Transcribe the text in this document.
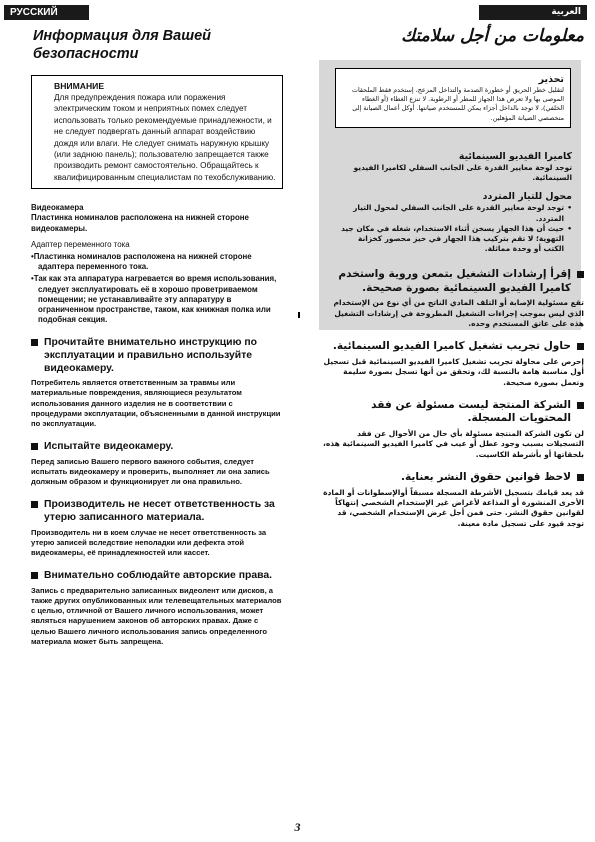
РУССКИЙ ЯЗЫК
العربية
Информация для Вашей безопасности
ВНИМАНИЕ

Для предупреждения пожара или поражения электрическим током и неприятных помех следует использовать только рекомендуемые принадлежности, и не следует подвергать данный аппарат воздействию дождя или влаги. Не следует снимать наружную крышку (или заднюю панель); пользователю запрещается также производить ремонт самостоятельно. Обращайтесь к квалифицированным специалистам по техобслуживанию.

Видеокамера
Пластинка номиналов расположена на нижней стороне видеокамеры.
Адаптер переменного тока
•Пластинка номиналов расположена на нижней стороне адаптера переменного тока.
•Так как эта аппаратура нагревается во время использования, следует эксплуатировать её в хорошо проветриваемом помещении; не устанавливайте эту аппаратуру в ограниченном пространстве, таком, как книжная полка или подобная секция.
Прочитайте внимательно инструкцию по эксплуатации и правильно используйте видеокамеру.
Потребитель является ответственным за травмы или материальные повреждения, являющиеся результатом использования данного изделия не в соответствии с процедурами эксплуатации, объясненными в данной инструкции по эксплуатации.
Испытайте видеокамеру.
Перед записью Вашего первого важного события, следует испытать видеокамеру и проверить, выполняет ли она запись должным образом и функционирует ли она правильно.
Производитель не несет ответственность за утерю записанного материала.
Производитель ни в коем случае не несет ответственность за утерю записей вследствие неполадки или дефекта этой видеокамеры, её принадлежностей или кассет.
Внимательно соблюдайте авторские права.
Запись с предварительно записанных видеолент или дисков, а также других опубликованных или телевещательных материалов с целью, отличной от Вашего личного использования, может являться нарушением законов об авторских правах. Даже с целью Вашего личного использования запись определенного материала может быть запрещена.
تحذير

لتقليل خطر الحريق أو خطورة الصدمة والتداخل المزعج، إستخدم فقط الملحقات الموصى بها ولا تعرض هذا الجهاز للمطر أو الرطوبة. لا تنزع الغطاء (أو الغطاء الخلفي)، لا توجد بالداخل أجزاء يمكن للمستخدم صيانتها. أوكل أعمال الصيانة إلى متخصصي الصيانة المؤهلين.

معلومات من أجل سلامتك
كاميرا الفيديو السينمائية
توجد لوحة معايير القدرة على الجانب السفلي لكاميرا الفيديو السينمائية.
محول للتيار المتردد
• توجد لوحة معايير القدرة على الجانب السفلي لمحول التيار المتردد.
• حيث أن هذا الجهاز يسخن أثناء الاستخدام، شغله في مكان جيد التهوية؛ لا تقم بتركيب هذا الجهاز في حيز محصور كخزانة الكتب أو وحدة مماثلة.
إقرأ إرشادات التشغيل بتمعن وروية واستخدم كاميرا الفيديو السينمائية بصورة صحيحة.
تقع مسئولية الإصابة أو التلف المادي الناتج من أي نوع من الإستخدام الذي ليس بموجب إجراءات التشغيل المطروحة في إرشادات التشغيل هذه على عاتق المستخدم وحده.
حاول تجريب تشغيل كاميرا الفيديو السينمائية.
إحرص على محاولة تجريب تشغيل كاميرا الفيديو السينمائية قبل تسجيل أول مناسبة هامة بالنسبة لك، وتحقق من أنها تسجل بصورة سليمة وتعمل بصورة صحيحة.
الشركة المنتجة ليست مسئولة عن فقد المحتويات المسجلة.
لن تكون الشركة المنتجة مسئولة بأي حال من الأحوال عن فقد التسجيلات بسبب وجود عطل أو عيب في كاميرا الفيديو السينمائية هذه، بلحقاتها أو بأشرطة الكاسيت.
لاحظ قوانين حقوق النشر بعناية.
قد يعد قيامك بتسجيل الأشرطة المسجلة مسبقاً أوالإسطوانات أو المادة الأخرى المنشورة أو المذاعة لأغراض غير الإستخدام الشخصي إنتهاكاً لقوانين حقوق النشر. حتى فمن أجل غرض الإستخدام الشخصي، قد توجد قيود على تسجيل مادة معينة.
3
